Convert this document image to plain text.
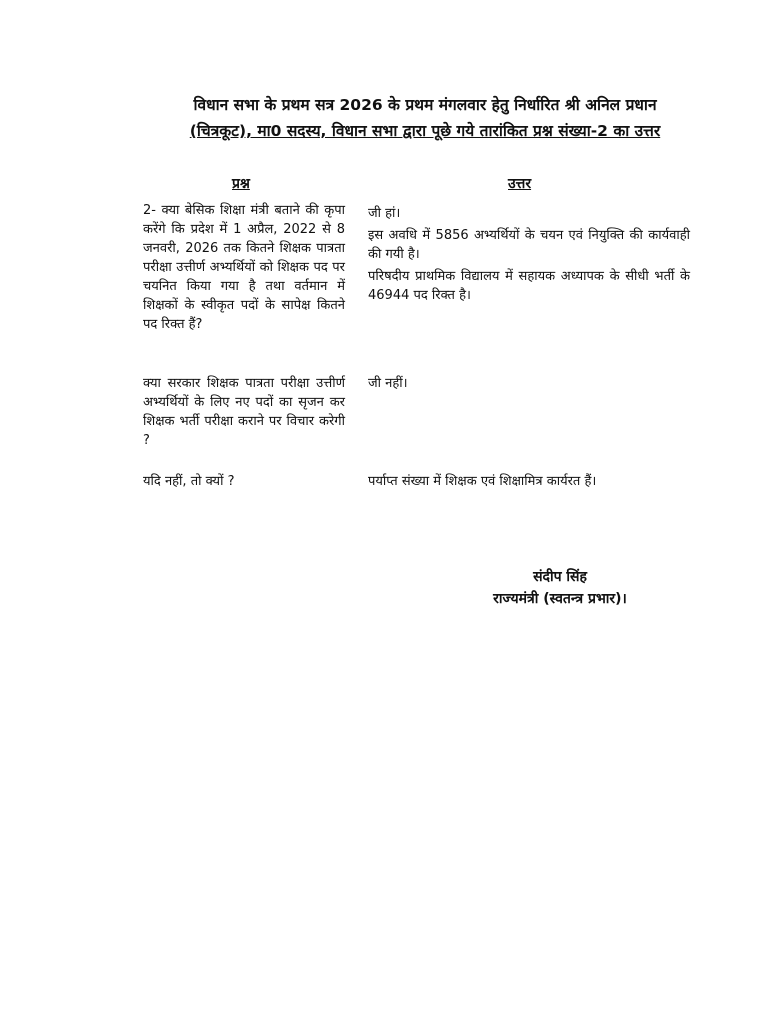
विधान सभा के प्रथम सत्र 2026 के प्रथम मंगलवार हेतु निर्धारित श्री अनिल प्रधान
(चित्रकूट), मा0 सदस्य, विधान सभा द्वारा पूछे गये तारांकित प्रश्न संख्या-2 का उत्तर
प्रश्न	उत्तर
2- क्या बेसिक शिक्षा मंत्री बताने की कृपा करेंगे कि प्रदेश में 1 अप्रैल, 2022 से 8 जनवरी, 2026 तक कितने शिक्षक पात्रता परीक्षा उत्तीर्ण अभ्यर्थियों को शिक्षक पद पर चयनित किया गया है तथा वर्तमान में शिक्षकों के स्वीकृत पदों के सापेक्ष कितने पद रिक्त हैं?

जी हां।

इस अवधि में 5856 अभ्यर्थियों के चयन एवं नियुक्ति की कार्यवाही की गयी है।

परिषदीय प्राथमिक विद्यालय में सहायक अध्यापक के सीधी भर्ती के 46944 पद रिक्त है।

क्या सरकार शिक्षक पात्रता परीक्षा उत्तीर्ण अभ्यर्थियों के लिए नए पदों का सृजन कर शिक्षक भर्ती परीक्षा कराने पर विचार करेगी ?

जी नहीं।

यदि नहीं, तो क्यों ?	पर्याप्त संख्या में शिक्षक एवं शिक्षामित्र कार्यरत हैं।

संदीप सिंह
राज्यमंत्री (स्वतन्त्र प्रभार)।
